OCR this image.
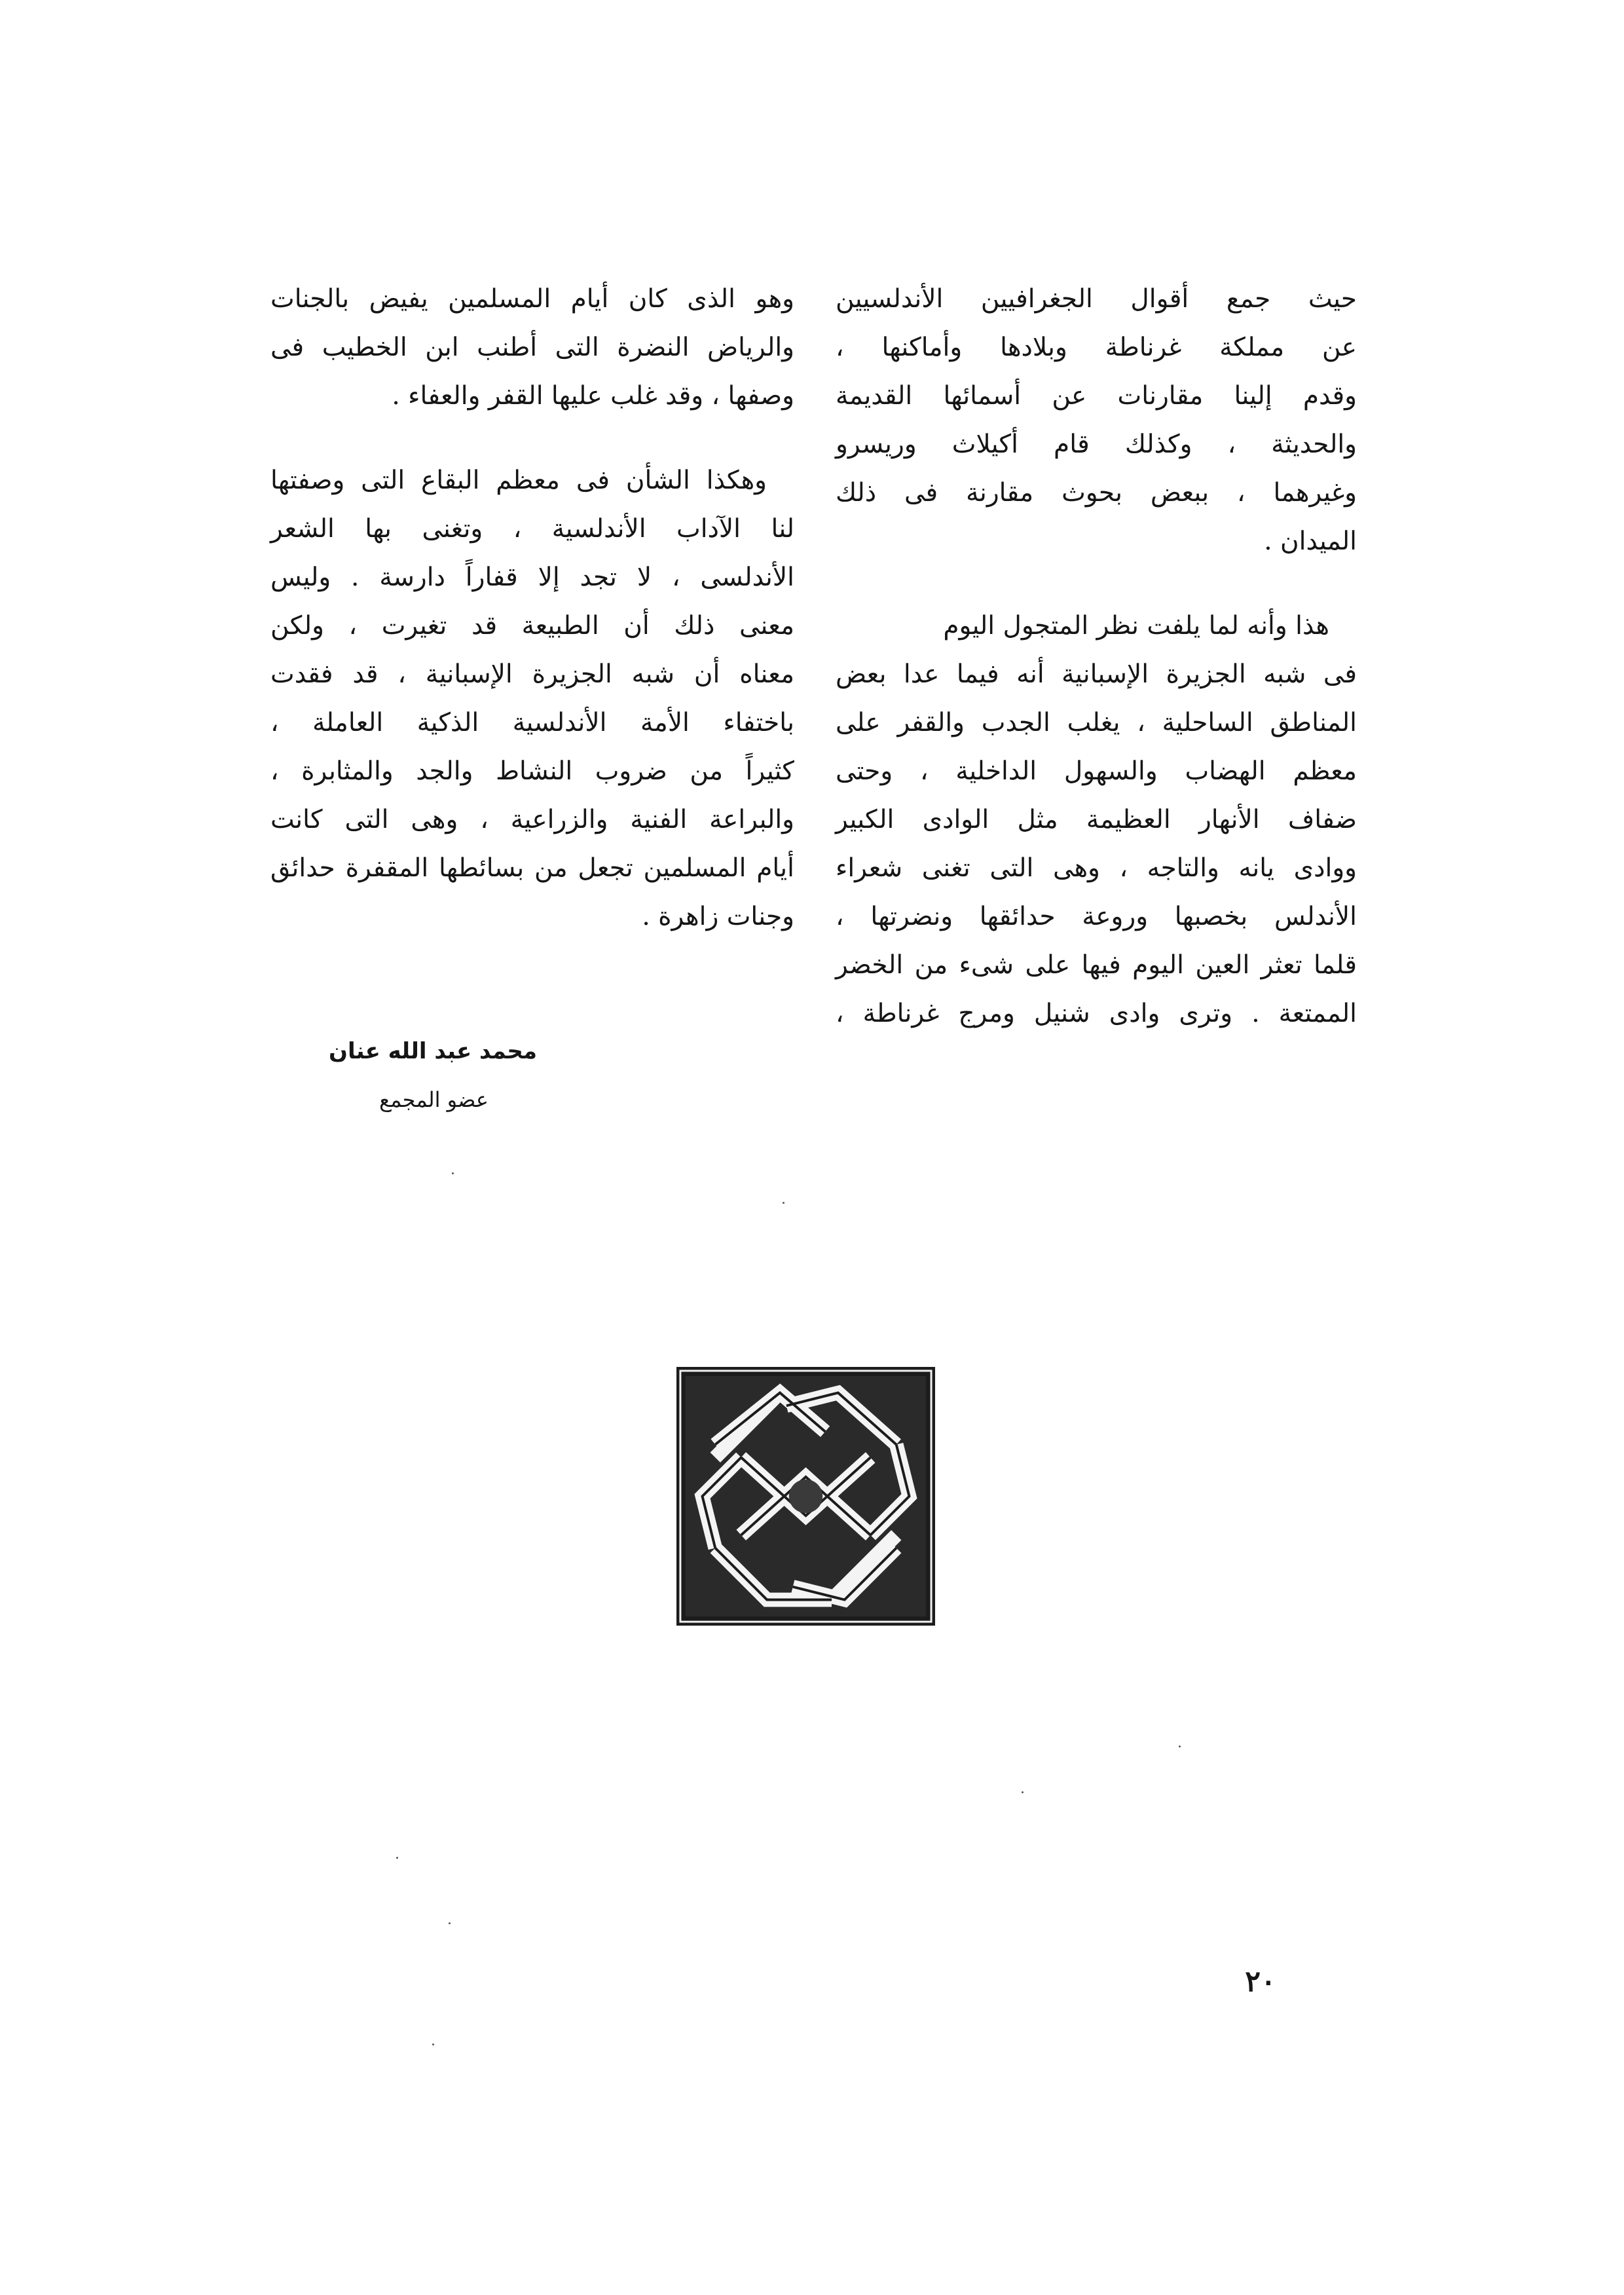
حيث جمع أقوال الجغرافيين الأندلسيين
عن مملكة غرناطة وبلادها وأماكنها ،
وقدم إلينا مقارنات عن أسمائها القديمة
والحديثة ، وكذلك قام أكيلاث وريسرو
وغيرهما ، ببعض بحوث مقارنة فى ذلك
الميدان .
هذا وأنه لما يلفت نظر المتجول اليوم
فى شبه الجزيرة الإسبانية أنه فيما عدا بعض
المناطق الساحلية ، يغلب الجدب والقفر على
معظم الهضاب والسهول الداخلية ، وحتى
ضفاف الأنهار العظيمة مثل الوادى الكبير
ووادى يانه والتاجه ، وهى التى تغنى شعراء
الأندلس بخصبها وروعة حدائقها ونضرتها ،
قلما تعثر العين اليوم فيها على شىء من الخضر
الممتعة . وترى وادى شنيل ومرج غرناطة ،
وهو الذى كان أيام المسلمين يفيض بالجنات
والرياض النضرة التى أطنب ابن الخطيب فى
وصفها ، وقد غلب عليها القفر والعفاء .
وهكذا الشأن فى معظم البقاع التى وصفتها
لنا الآداب الأندلسية ، وتغنى بها الشعر
الأندلسى ، لا تجد إلا قفاراً دارسة . وليس
معنى ذلك أن الطبيعة قد تغيرت ، ولكن
معناه أن شبه الجزيرة الإسبانية ، قد فقدت
باختفاء الأمة الأندلسية الذكية العاملة ،
كثيراً من ضروب النشاط والجد والمثابرة ،
والبراعة الفنية والزراعية ، وهى التى كانت
أيام المسلمين تجعل من بسائطها المقفرة حدائق
وجنات زاهرة .
محمد عبد الله عنان
عضو المجمع
٢٠
